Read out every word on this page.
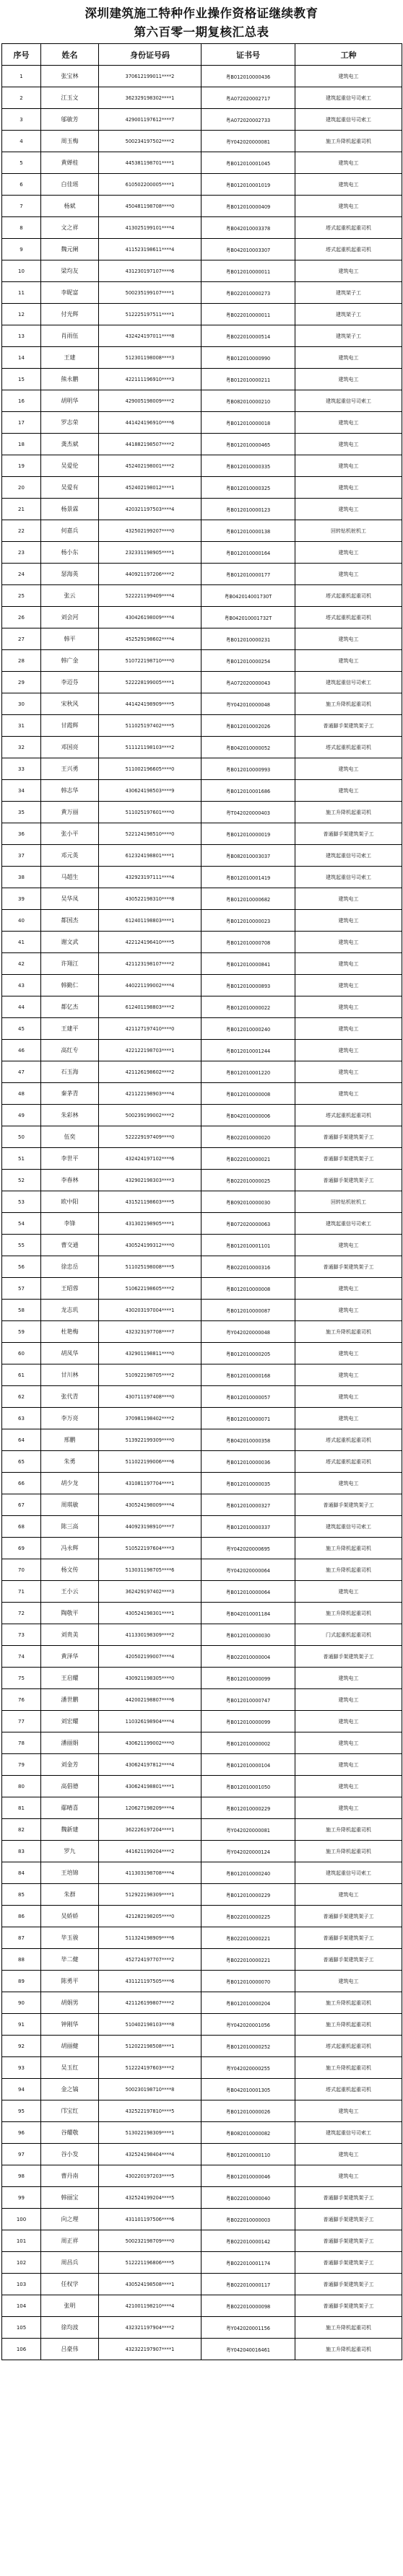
深圳建筑施工特种作业操作资格证继续教育
第六百零一期复核汇总表
序号	姓名	身份证号码	证书号	工种
1	张宝林	370612199011****2	粤B012010000436	建筑电工
2	江玉文	362329198302****1	粤A072020002717	建筑起重信号司索工
3	邬敏芳	429001197612****7	粤A072020002733	建筑起重信号司索工
4	周玉梅	500234197502****2	粤Y042020000081	施工升降机起重司机
5	黄婵桂	445381198701****1	粤B012010001045	建筑电工
6	白佳瑶	610502200005****1	粤B012010001019	建筑电工
7	杨斌	450481198708****0	粤B012010000409	建筑电工
8	文之祥	413025199101****4	粤B042010003378	塔式起重机起重司机
9	魏元阑	411523198611****4	粤B042010003307	塔式起重机起重司机
10	梁均友	431230197107****6	粤B012010000011	建筑电工
11	李昵富	500235199107****1	粤B022010000273	建筑架子工
12	付光辉	512225197511****1	粤B022010000011	建筑架子工
13	肖雨伍	432424197011****8	粤B022010000514	建筑架子工
14	王建	512301198008****3	粤B012010000990	建筑电工
15	熊永鹏	422111196910****3	粤B012010000211	建筑电工
16	胡明华	429005198009****2	粤B082010000210	建筑起重信号司索工
17	罗志荣	441424196910****6	粤B012010000018	建筑电工
18	龚杰斌	441882198507****2	粤B012010000465	建筑电工
19	吴爱伦	452402198001****2	粤B012010000335	建筑电工
20	吴爱有	452402198012****1	粤B012010000325	建筑电工
21	杨景霖	420321197503****4	粤B012010000123	建筑电工
22	何嘉兵	432502199207****0	粤B012010000138	回转钻机桩机工
23	杨小东	232331198905****1	粤B012010000164	建筑电工
24	瑟海英	440921197206****2	粤B012010000177	建筑电工
25	张云	522221199409****4	粤B042014001730T	塔式起重机起重司机
26	刘会河	430426198009****4	粤B042010001732T	塔式起重机起重司机
27	韩平	452529198602****4	粤B012010000231	建筑电工
28	韩广金	510722198710****0	粤B012010000254	建筑电工
29	李迈芬	522228199005****1	粤A072020000043	建筑起重信号司索工
30	宋秋风	441424198909****5	粤Y042010000048	施工升降机起重司机
31	甘霞辉	511025197402****5	粤B012010002026	普通脚手架建筑架子工
32	邓国亮	511121198103****2	粤B042010000052	塔式起重机起重司机
33	王兴勇	511002196605****0	粤B012010000993	建筑电工
34	韩志华	430624198503****9	粤B012010001686	建筑电工
35	黄万丽	511025197601****0	粤T042020000403	施工升降机起重司机
36	张小平	522124198510****0	粤B012010000019	普通脚手架建筑架子工
37	邓元英	612324198801****1	粤B082010003037	建筑起重信号司索工
38	马超生	432923197111****4	粤B012010001419	建筑起重信号司索工
39	吴华凤	430522198310****8	粤B012010000682	建筑电工
40	都国杰	612401198803****1	粤B012010000023	建筑电工
41	谢文武	422124196410****5	粤B012010000708	建筑电工
42	许翔江	421123198107****2	粤B012010000841	建筑电工
43	韩勤仁	440221199002****4	粤B012010000893	建筑电工
44	都亿杰	612401198803****2	粤B012010000022	建筑电工
45	王建平	421127197410****0	粤B012010000240	建筑电工
46	高红专	422122198703****1	粤B012010001244	建筑电工
47	石玉海	421126198602****2	粤B012010001220	建筑电工
48	秦茅青	421122198903****4	粤B012010000008	建筑电工
49	朱彩林	500239199002****2	粤B042010000006	塔式起重机起重司机
50	伍奕	522229197409****0	粤B022010000020	普通脚手架建筑架子工
51	李世平	432424197102****6	粤B022010000021	普通脚手架建筑架子工
52	李春林	432902198303****3	粤B022010000025	普通脚手架建筑架子工
53	欧中阳	431521198603****5	粤B092010000030	回转钻机桩机工
54	李锋	431302198905****1	粤B072020000063	建筑起重信号司索工
55	曹交通	430524199312****0	粤B012010001101	建筑电工
56	徐忠岳	511025198008****5	粤B022010000316	普通脚手架建筑架子工
57	王昭蓉	510622198605****2	粤B012010000008	建筑电工
58	龙志玑	430203197004****1	粤B012010000087	建筑电工
59	杜艳梅	432323197708****7	粤Y042020000048	施工升降机起重司机
60	胡凤华	432901198811****0	粤B012010000205	建筑电工
61	甘川林	510922198705****2	粤B012010000168	建筑电工
62	张代青	430711197408****0	粤B012010000057	建筑电工
63	李万亮	370981198402****2	粤B012010000071	建筑电工
64	邢鹏	513922199309****0	粤B042010000358	塔式起重机起重司机
65	朱勇	511022199006****6	粤B012010000036	塔式起重机起重司机
66	胡少龙	431081197704****1	粤B012010000035	建筑电工
67	周琪敏	430524198009****4	粤B012010000327	普通脚手架建筑架子工
68	陈三高	440923198910****7	粤B012010000337	建筑起重信号司索工
69	冯永辉	510522197604****3	粤Y042020000695	施工升降机起重司机
70	杨文传	513031198705****6	粤Y042020000064	施工升降机起重司机
71	王小云	362429197402****3	粤B012010000064	建筑电工
72	陶敬平	430524198301****1	粤B042010001184	施工升降机起重司机
73	刘贵美	411330198309****2	粤B012010000030	门式起重机起重司机
74	黄泽华	420502199007****4	粤B022010000004	普通脚手架建筑架子工
75	王启耀	430921198305****0	粤B012010000099	建筑电工
76	潘世鹏	442002198807****6	粤B012010000747	建筑电工
77	刘宏耀	110326198904****4	粤B012010000099	建筑电工
78	潘丽娟	430621199002****0	粤B012010000002	建筑电工
79	刘金芳	430624197812****4	粤B012010000104	建筑电工
80	高倡德	430624198801****1	粤B012010001050	建筑电工
81	鄢晴喜	120627198209****4	粤B012010000229	建筑电工
82	魏新建	362226197204****1	粤Y042020000081	施工升降机起重司机
83	罗九	441621199204****2	粤Y042020000124	施工升降机起重司机
84	王培锦	411303198708****4	粤B012010000240	建筑起重信号司索工
85	朱群	512922198309****1	粤B012010000229	建筑电工
86	吴娇娇	421282198205****0	粤B022010000225	普通脚手架建筑架子工
87	毕玉骏	511324198909****6	粤B022010000221	普通脚手架建筑架子工
88	毕二健	452724197707****2	粤B022010000221	普通脚手架建筑架子工
89	陈勇平	431121197505****6	粤B012010000070	建筑电工
90	胡娟男	421126199807****2	粤B012010000204	施工升降机起重司机
91	钟刚华	510402198103****8	粤Y042020001056	施工升降机起重司机
92	胡丽健	512022198508****1	粤B012010000252	塔式起重机起重司机
93	吴玉红	512224197603****2	粤Y042020000255	施工升降机起重司机
94	金之镐	500230198710****8	粤B042010001305	塔式起重机起重司机
95	邝宝红	432522197810****5	粤B012010000026	建筑电工
96	谷耀敬	513022198309****1	粤B082010000082	建筑起重信号司索工
97	谷小发	432524198404****4	粤B012010000110	建筑电工
98	曹丹南	430220197203****5	粤B012010000046	建筑电工
99	韩丽宝	432524199204****5	粤B022010000040	普通脚手架建筑架子工
100	向之理	431101197506****6	粤B022010000003	普通脚手架建筑架子工
101	周正祥	500232198709****0	粤B022010000142	普通脚手架建筑架子工
102	周昌兵	512221196806****5	粤B022010001174	普通脚手架建筑架子工
103	任权学	430524198508****1	粤B022010000117	普通脚手架建筑架子工
104	张明	421001198210****4	粤B022010000098	普通脚手架建筑架子工
105	徐均波	432321197904****2	粤Y042020001156	施工升降机起重司机
106	吕豪伟	432322197907****1	粤Y042040016461	施工升降机起重司机
